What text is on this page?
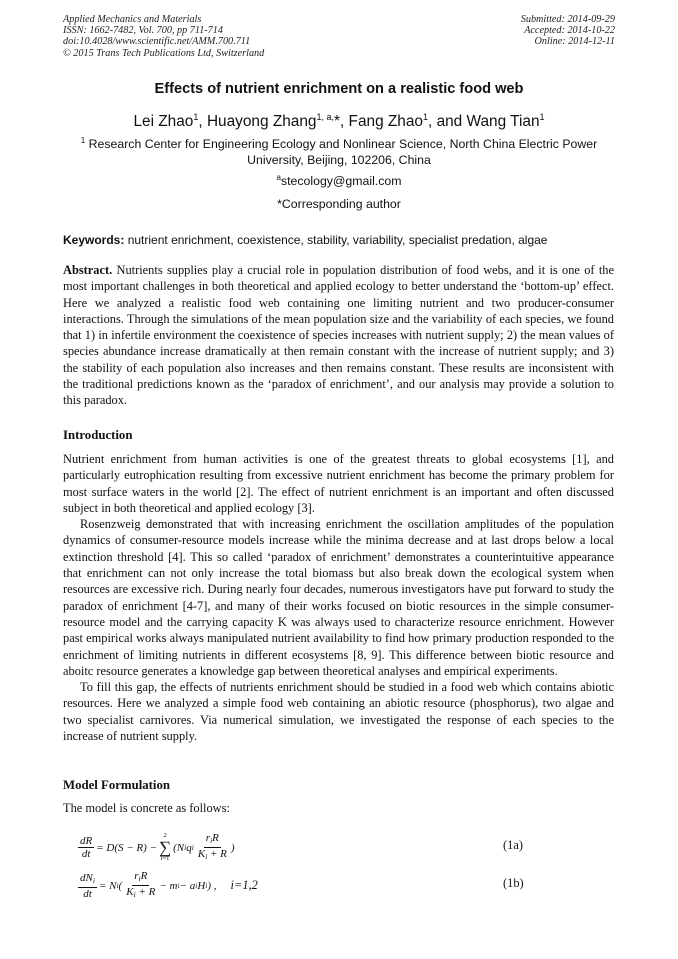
Applied Mechanics and Materials
ISSN: 1662-7482, Vol. 700, pp 711-714
doi:10.4028/www.scientific.net/AMM.700.711
© 2015 Trans Tech Publications Ltd, Switzerland
Submitted: 2014-09-29
Accepted: 2014-10-22
Online: 2014-12-11
Effects of nutrient enrichment on a realistic food web
Lei Zhao$^1$, Huayong Zhang$^{1, a,}$*, Fang Zhao$^1$, and Wang Tian$^1$
$^1$ Research Center for Engineering Ecology and Nonlinear Science, North China Electric Power University, Beijing, 102206, China
$^a$stecology@gmail.com
*Corresponding author
Keywords: nutrient enrichment, coexistence, stability, variability, specialist predation, algae
Abstract. Nutrients supplies play a crucial role in population distribution of food webs, and it is one of the most important challenges in both theoretical and applied ecology to better understand the ‘bottom-up’ effect. Here we analyzed a realistic food web containing one limiting nutrient and two producer-consumer interactions. Through the simulations of the mean population size and the variability of each species, we found that 1) in infertile environment the coexistence of species increases with nutrient supply; 2) the mean values of species abundance increase dramatically at then remain constant with the increase of nutrient supply; and 3) the stability of each population also increases and then remains constant. These results are inconsistent with the traditional predictions known as the ‘paradox of enrichment’, and our analysis may provide a solution to this paradox.
Introduction

Nutrient enrichment from human activities is one of the greatest threats to global ecosystems [1], and particularly eutrophication resulting from excessive nutrient enrichment has become the primary problem for most surface waters in the world [2]. The effect of nutrient enrichment is an important and often discussed subject in both theoretical and applied ecology [3].

Rosenzweig demonstrated that with increasing enrichment the oscillation amplitudes of the population dynamics of consumer-resource models increase while the minima decrease and at last drops below a local extinction threshold [4]. This so called ‘paradox of enrichment’ demonstrates a counterintuitive appearance that enrichment can not only increase the total biomass but also break down the ecological system when resources are excessive rich. During nearly four decades, numerous investigators have put forward to study the paradox of enrichment [4-7], and many of their works focused on biotic resources in the simple consumer-resource model and the carrying capacity K was always used to characterize resource enrichment. However past empirical works always manipulated nutrient availability to find how primary production responded to the enrichment of limiting nutrients in different ecosystems [8, 9]. This difference between biotic resource and aboitc resource generates a knowledge gap between theoretical analyses and empirical experiments.

To fill this gap, the effects of nutrients enrichment should be studied in a food web which contains abiotic resources. Here we analyzed a simple food web containing an abiotic resource (phosphorus), two algae and two specialist carnivores. Via numerical simulation, we investigated the response of each species to the increase of nutrient supply.

Model Formulation
The model is concrete as follows:
$\frac{dR}{dt} = D(S - R)$ −
2
∑
i=1
(N i q i $\frac{r_iR}{K_i + R}$ )	(1a)
$\frac{dN_i}{dt} = N$ i ( $\frac{r_iR}{K_i + R} - m$ i − a i H i ) , i=1,2	(1b)
